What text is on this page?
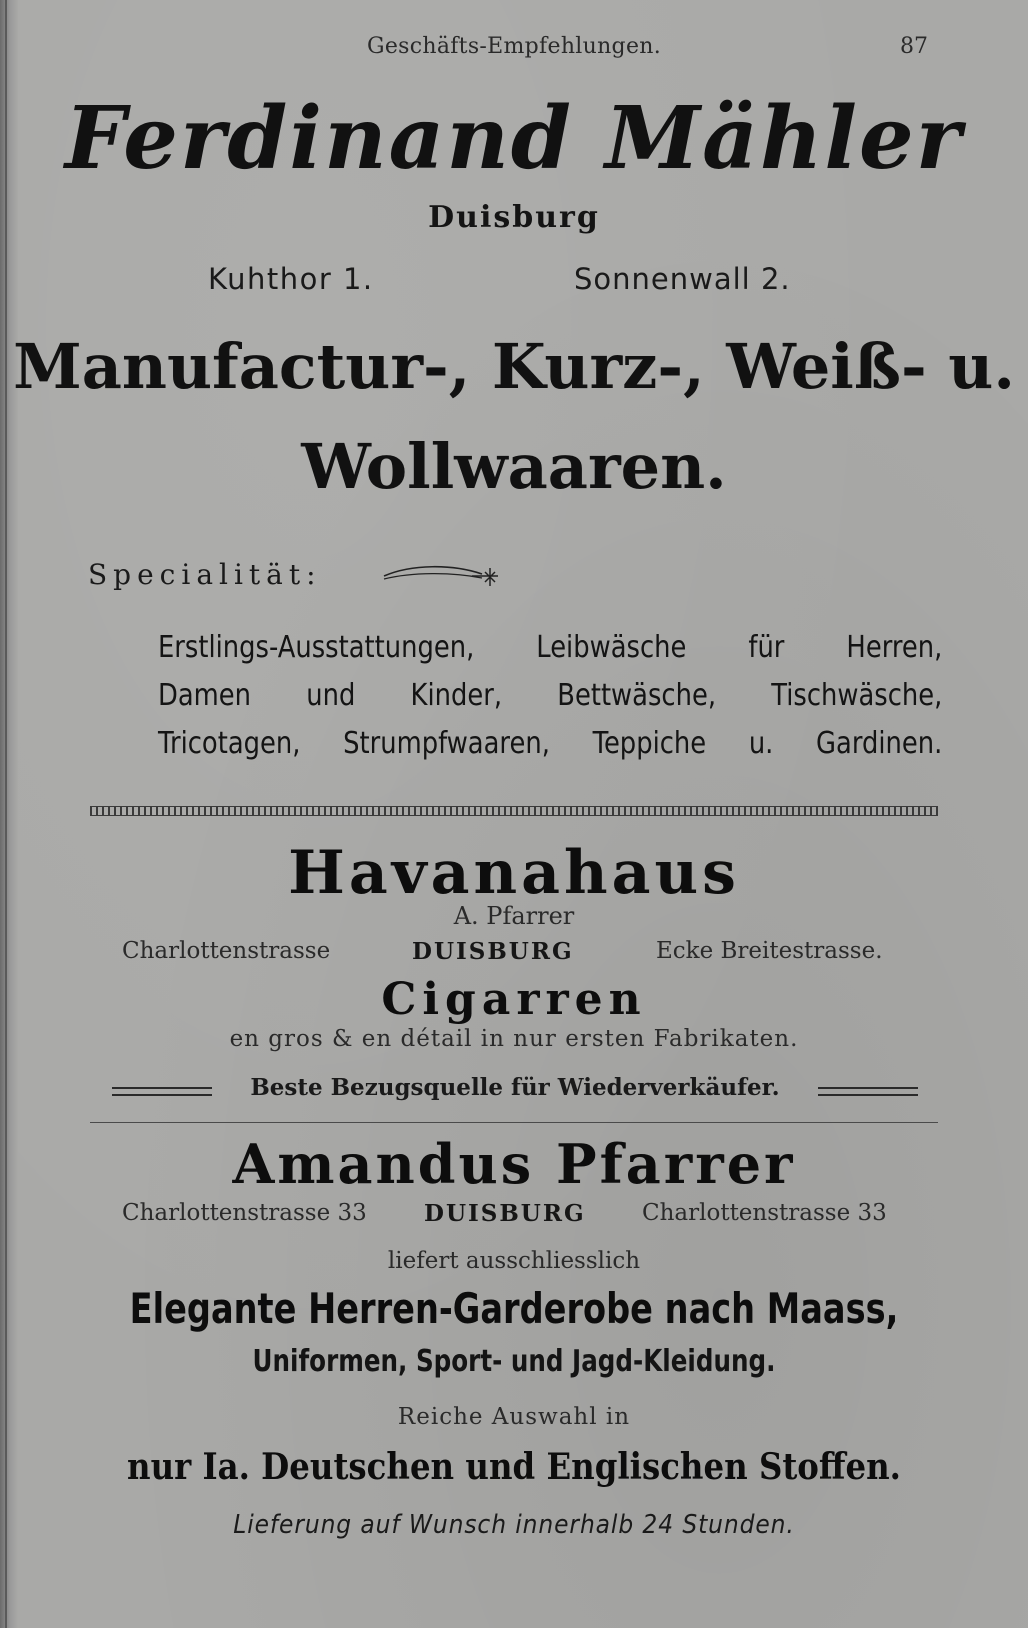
Geschäfts-Empfehlungen.	87
Ferdinand Mähler
Duisburg
Kuhthor 1.	Sonnenwall 2.
Manufactur-, Kurz-, Weiß- u.
Wollwaaren.
Specialität:
Erstlings-Ausstattungen, Leibwäsche für Herren,
Damen und Kinder, Bettwäsche, Tischwäsche,
Tricotagen, Strumpfwaaren, Teppiche u. Gardinen.
Havanahaus
A. Pfarrer
Charlottenstrasse	DUISBURG	Ecke Breitestrasse.
Cigarren
en gros & en détail in nur ersten Fabrikaten.
Beste Bezugsquelle für Wiederverkäufer.
Amandus Pfarrer
Charlottenstrasse 33 DUISBURG Charlottenstrasse 33
liefert ausschliesslich
Elegante Herren-Garderobe nach Maass,
Uniformen, Sport- und Jagd-Kleidung.
Reiche Auswahl in
nur Ia. Deutschen und Englischen Stoffen.
Lieferung auf Wunsch innerhalb 24 Stunden.
